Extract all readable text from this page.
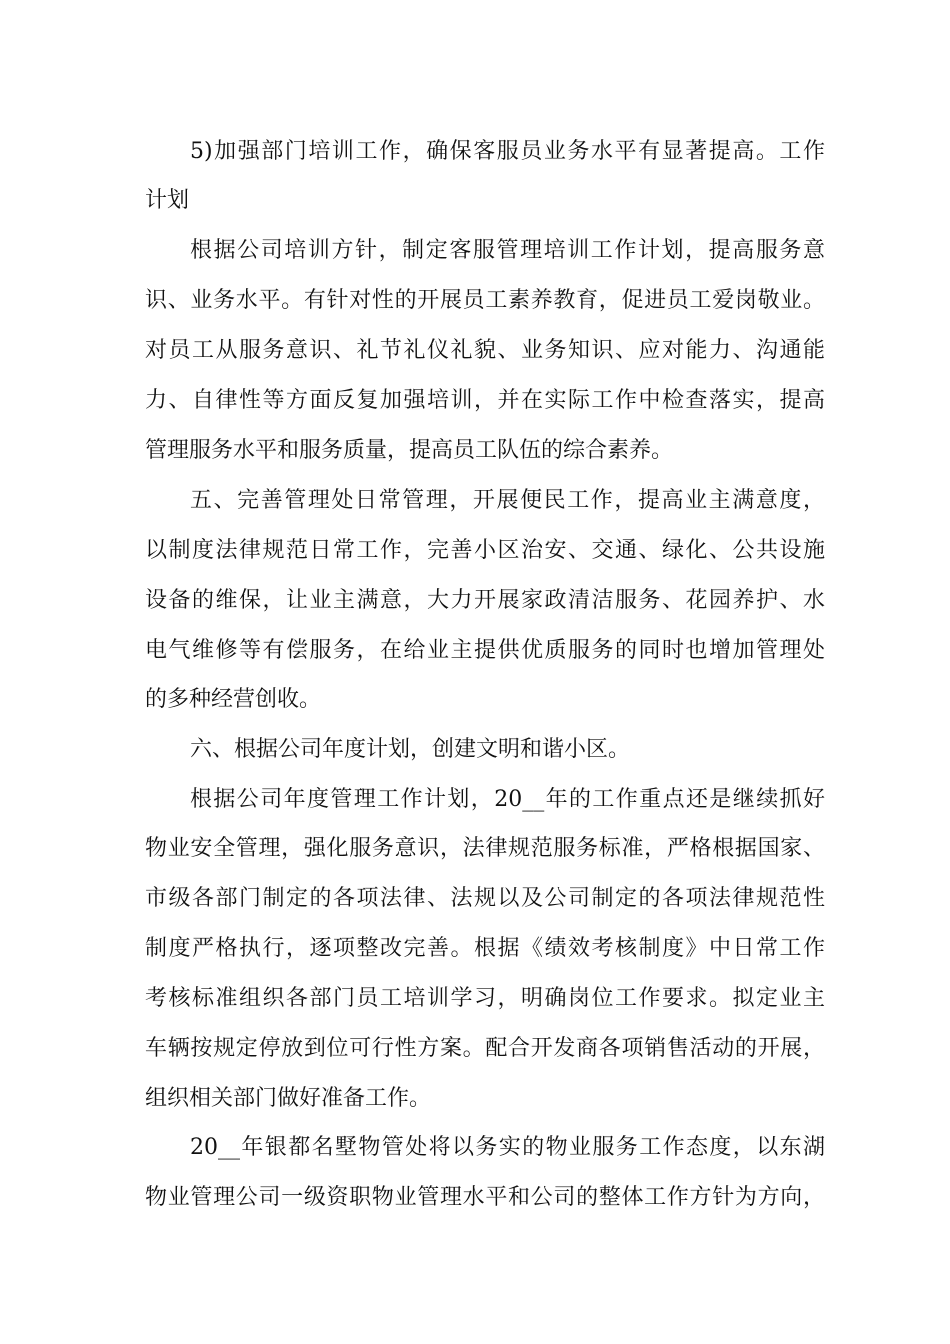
5)加强部门培训工作，确保客服员业务水平有显著提高。工作
计划
根据公司培训方针，制定客服管理培训工作计划，提高服务意
识、业务水平。有针对性的开展员工素养教育，促进员工爱岗敬业。
对员工从服务意识、礼节礼仪礼貌、业务知识、应对能力、沟通能
力、自律性等方面反复加强培训，并在实际工作中检查落实，提高
管理服务水平和服务质量，提高员工队伍的综合素养。
五、完善管理处日常管理，开展便民工作，提高业主满意度，
以制度法律规范日常工作，完善小区治安、交通、绿化、公共设施
设备的维保，让业主满意，大力开展家政清洁服务、花园养护、水
电气维修等有偿服务，在给业主提供优质服务的同时也增加管理处
的多种经营创收。
六、根据公司年度计划，创建文明和谐小区。
根据公司年度管理工作计划，20__年的工作重点还是继续抓好
物业安全管理，强化服务意识，法律规范服务标准，严格根据国家、
市级各部门制定的各项法律、法规以及公司制定的各项法律规范性
制度严格执行，逐项整改完善。根据《绩效考核制度》中日常工作
考核标准组织各部门员工培训学习，明确岗位工作要求。拟定业主
车辆按规定停放到位可行性方案。配合开发商各项销售活动的开展，
组织相关部门做好准备工作。
20__年银都名墅物管处将以务实的物业服务工作态度，以东湖
物业管理公司一级资职物业管理水平和公司的整体工作方针为方向，
